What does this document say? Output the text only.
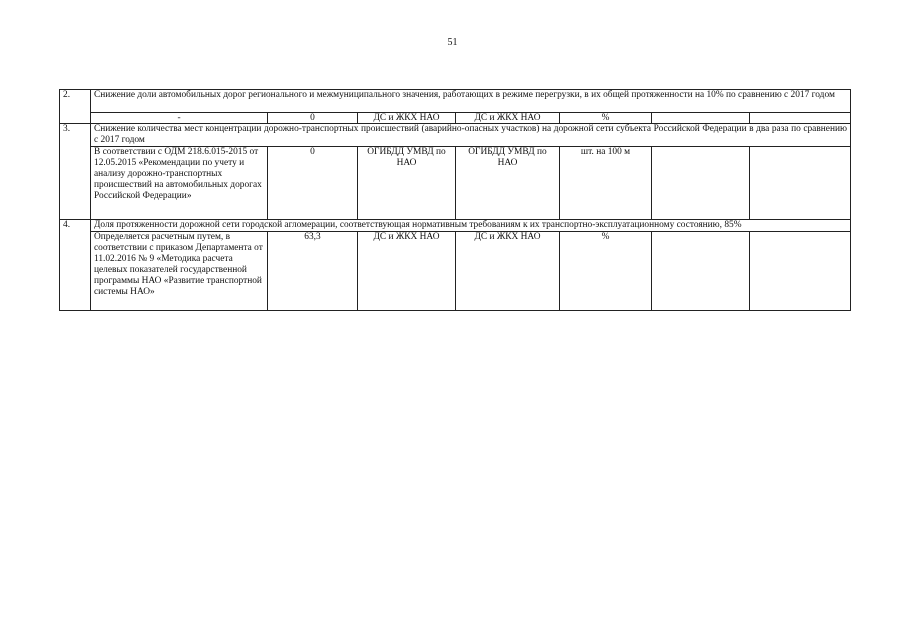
51
2.	Снижение доли автомобильных дорог регионального и межмуниципального значения, работающих в режиме перегрузки, в их общей протяженности на 10% по сравнению с 2017 годом						
	-	0	ДС и ЖКХ НАО	ДС и ЖКХ НАО	%		
3.	Снижение количества мест концентрации дорожно-транспортных происшествий (аварийно-опасных участков) на дорожной сети субъекта Российской Федерации в два раза по сравнению с 2017 годом						
	В соответствии с ОДМ 218.6.015-2015 от 12.05.2015 «Рекомендации по учету и анализу дорожно-транспортных происшествий на автомобильных дорогах Российской Федерации»	0	ОГИБДД УМВД по НАО	ОГИБДД УМВД по НАО	шт. на 100 м		
4.	Доля протяженности дорожной сети городской агломерации, соответствующая нормативным требованиям к их транспортно-эксплуатационному состоянию, 85%						
	Определяется расчетным путем, в соответствии с приказом Департамента от 11.02.2016 № 9 «Методика расчета целевых показателей государственной программы НАО «Развитие транспортной системы НАО»	63,3	ДС и ЖКХ НАО	ДС и ЖКХ НАО	%		
